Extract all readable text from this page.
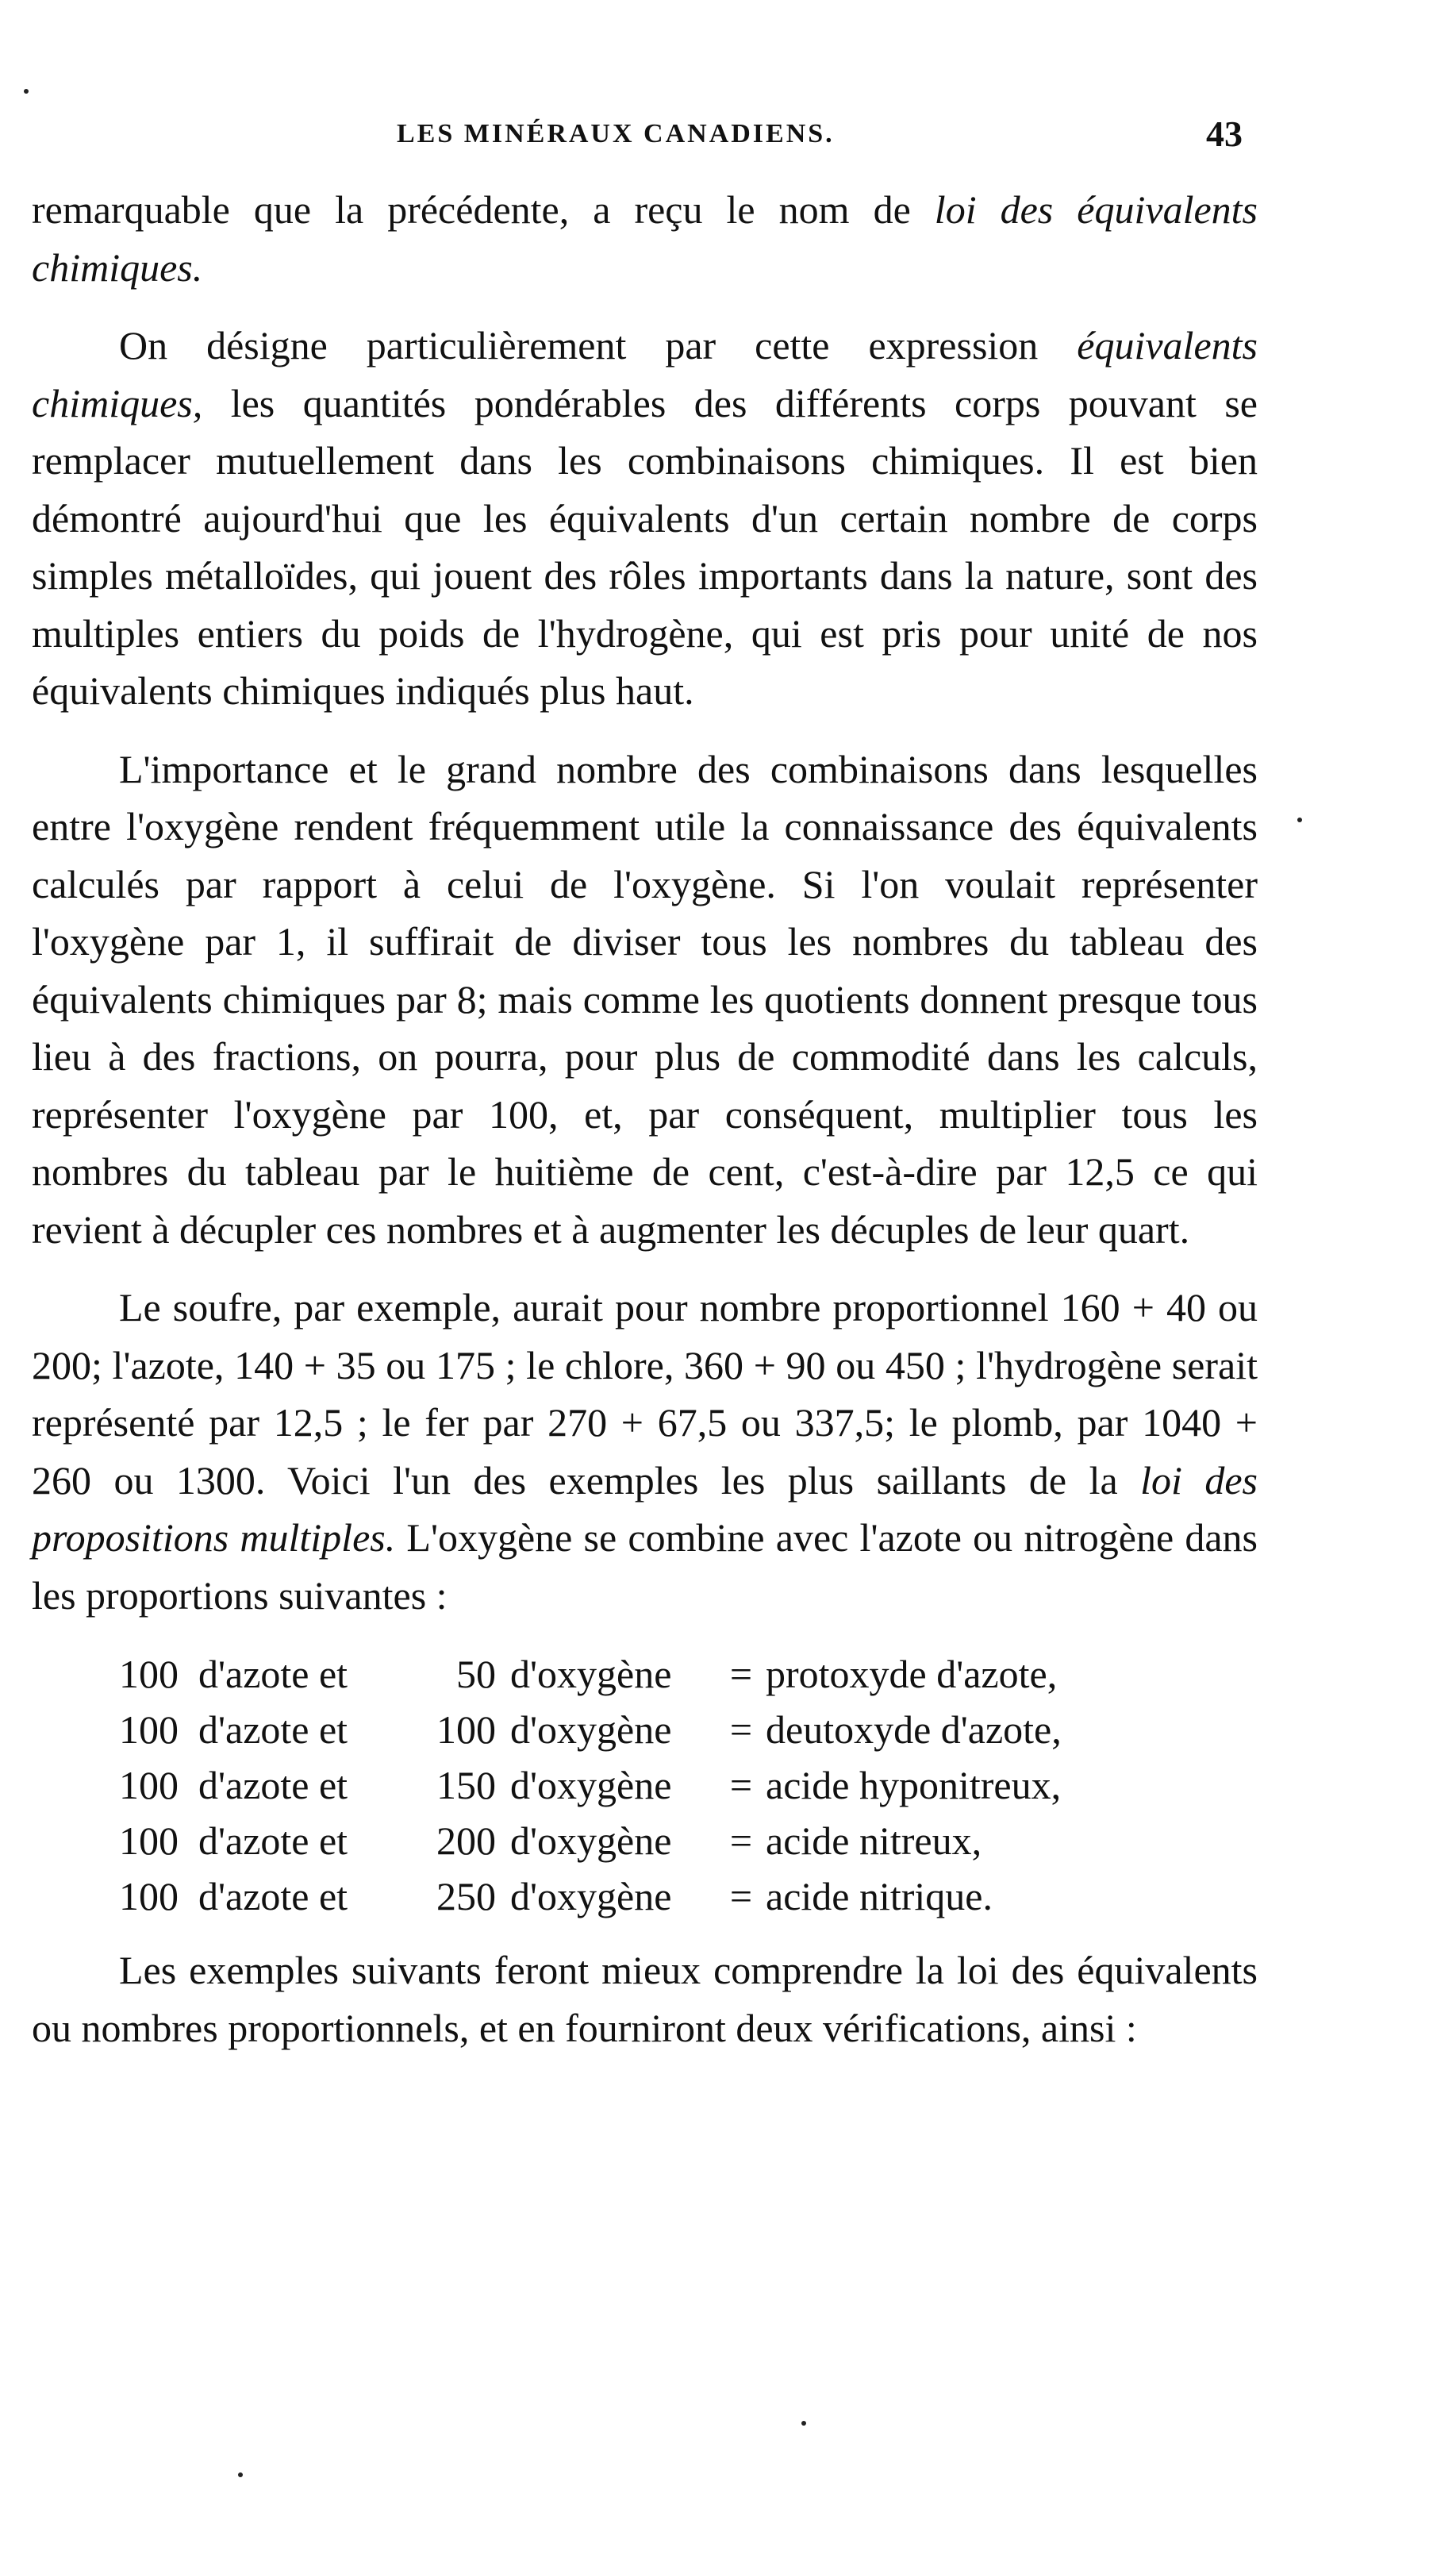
LES MINÉRAUX CANADIENS.	43

remarquable que la précédente, a reçu le nom de loi des équivalents chimiques.

On désigne particulièrement par cette expression équivalents chimiques, les quantités pondérables des différents corps pouvant se remplacer mutuellement dans les combinaisons chimiques. Il est bien démontré aujourd'hui que les équivalents d'un certain nombre de corps simples métalloïdes, qui jouent des rôles importants dans la nature, sont des multiples entiers du poids de l'hydrogène, qui est pris pour unité de nos équivalents chimiques indiqués plus haut.

L'importance et le grand nombre des combinaisons dans lesquelles entre l'oxygène rendent fréquemment utile la connaissance des équivalents calculés par rapport à celui de l'oxygène. Si l'on voulait représenter l'oxygène par 1, il suffirait de diviser tous les nombres du tableau des équivalents chimiques par 8; mais comme les quotients donnent presque tous lieu à des fractions, on pourra, pour plus de commodité dans les calculs, représenter l'oxygène par 100, et, par conséquent, multiplier tous les nombres du tableau par le huitième de cent, c'est-à-dire par 12,5 ce qui revient à décupler ces nombres et à augmenter les décuples de leur quart.

Le soufre, par exemple, aurait pour nombre proportionnel 160 + 40 ou 200; l'azote, 140 + 35 ou 175 ; le chlore, 360 + 90 ou 450 ; l'hydrogène serait représenté par 12,5 ; le fer par 270 + 67,5 ou 337,5; le plomb, par 1040 + 260 ou 1300. Voici l'un des exemples les plus saillants de la loi des propositions multiples. L'oxygène se combine avec l'azote ou nitrogène dans les proportions suivantes :

100 d'azote et	50 d'oxygène	= protoxyde d'azote,
100 d'azote et	100 d'oxygène	= deutoxyde d'azote,
100 d'azote et	150 d'oxygène	= acide hyponitreux,
100 d'azote et	200 d'oxygène	= acide nitreux,
100 d'azote et	250 d'oxygène	= acide nitrique.

Les exemples suivants feront mieux comprendre la loi des équivalents ou nombres proportionnels, et en fourniront deux vérifications, ainsi :
